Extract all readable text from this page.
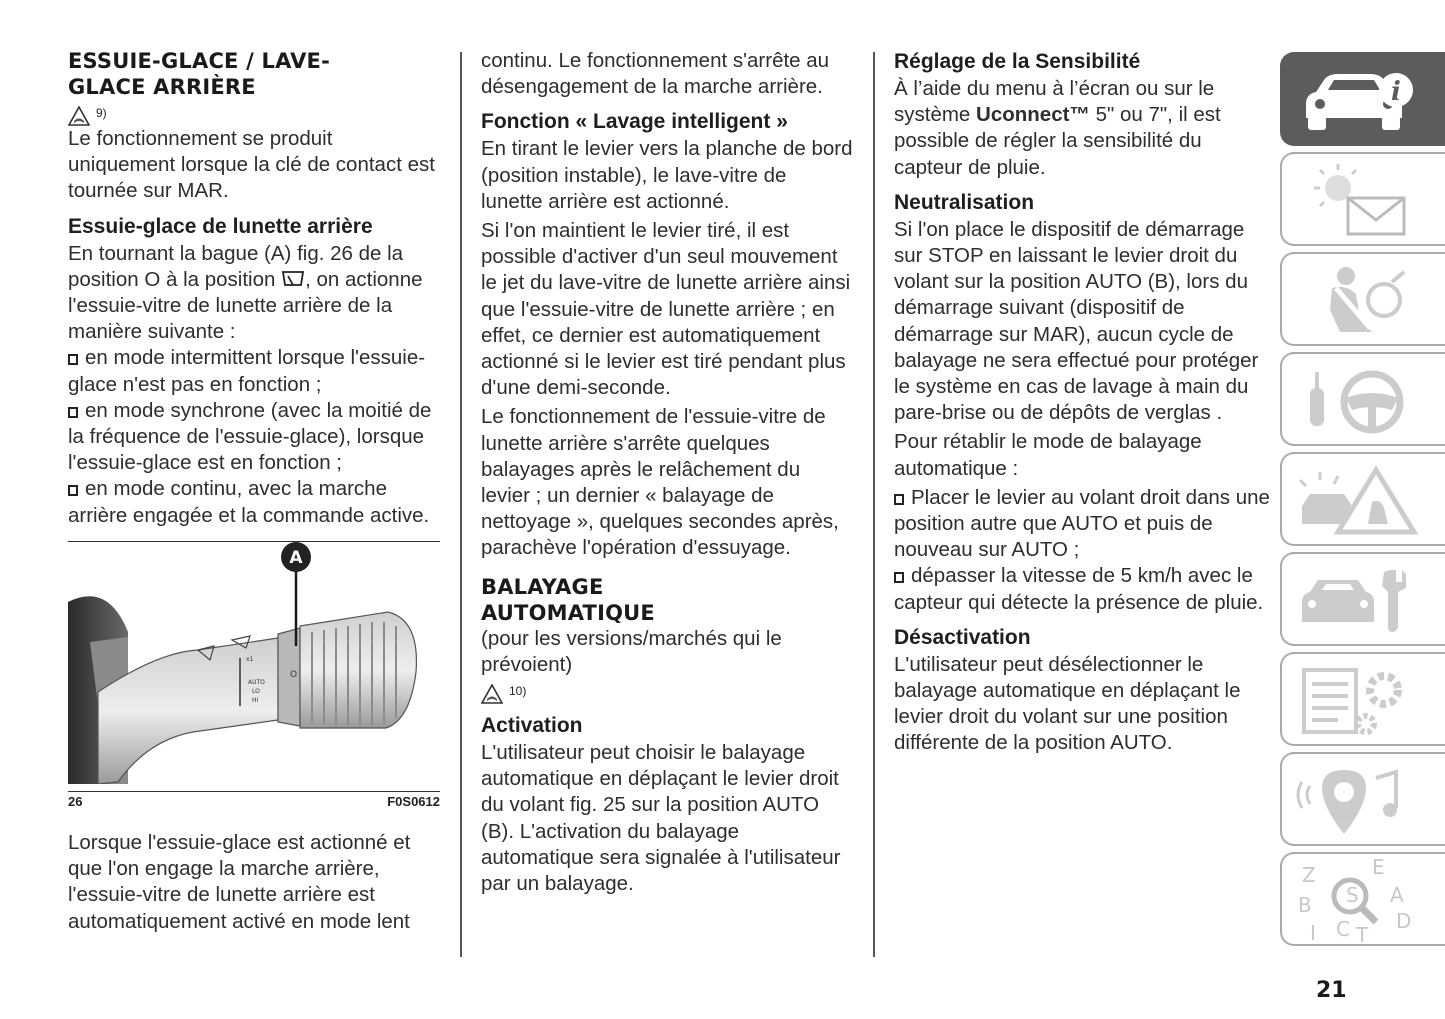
ESSUIE-GLACE / LAVE-
GLACE ARRIÈRE
9)

Le fonctionnement se produit uniquement lorsque la clé de contact est tournée sur MAR.

Essuie-glace de lunette arrière

En tournant la bague (A) fig. 26 de la position O à la position , on actionne l'essuie-vitre de lunette arrière de la manière suivante :

en mode intermittent lorsque l'essuie-glace n'est pas en fonction ;

en mode synchrone (avec la moitié de la fréquence de l'essuie-glace), lorsque l'essuie-glace est en fonction ;

en mode continu, avec la marche arrière engagée et la commande active.

O
AUTO
LO
HI
x1
A
26	F0S0612

Lorsque l'essuie-glace est actionné et que l'on engage la marche arrière, l'essuie-vitre de lunette arrière est automatiquement activé en mode lent

continu. Le fonctionnement s'arrête au désengagement de la marche arrière.

Fonction « Lavage intelligent »

En tirant le levier vers la planche de bord (position instable), le lave-vitre de lunette arrière est actionné.

Si l'on maintient le levier tiré, il est possible d'activer d'un seul mouvement le jet du lave-vitre de lunette arrière ainsi que l'essuie-vitre de lunette arrière ; en effet, ce dernier est automatiquement actionné si le levier est tiré pendant plus d'une demi-seconde.

Le fonctionnement de l'essuie-vitre de lunette arrière s'arrête quelques balayages après le relâchement du levier ; un dernier « balayage de nettoyage », quelques secondes après, parachève l'opération d'essuyage.

BALAYAGE
AUTOMATIQUE

(pour les versions/marchés qui le prévoient)

10)
Activation

L'utilisateur peut choisir le balayage automatique en déplaçant le levier droit du volant fig. 25 sur la position AUTO (B). L'activation du balayage automatique sera signalée à l'utilisateur par un balayage.

Réglage de la Sensibilité

À l’aide du menu à l’écran ou sur le système Uconnect™ 5" ou 7", il est possible de régler la sensibilité du capteur de pluie.

Neutralisation

Si l'on place le dispositif de démarrage sur STOP en laissant le levier droit du volant sur la position AUTO (B), lors du démarrage suivant (dispositif de démarrage sur MAR), aucun cycle de balayage ne sera effectué pour protéger le système en cas de lavage à main du pare-brise ou de dépôts de verglas .

Pour rétablir le mode de balayage automatique :

Placer le levier au volant droit dans une position autre que AUTO et puis de nouveau sur AUTO ;

dépasser la vitesse de 5 km/h avec le capteur qui détecte la présence de pluie.

Désactivation

L'utilisateur peut désélectionner le balayage automatique en déplaçant le levier droit du volant sur une position différente de la position AUTO.

i
Z	E
B	A
C D
S
T
I
21
